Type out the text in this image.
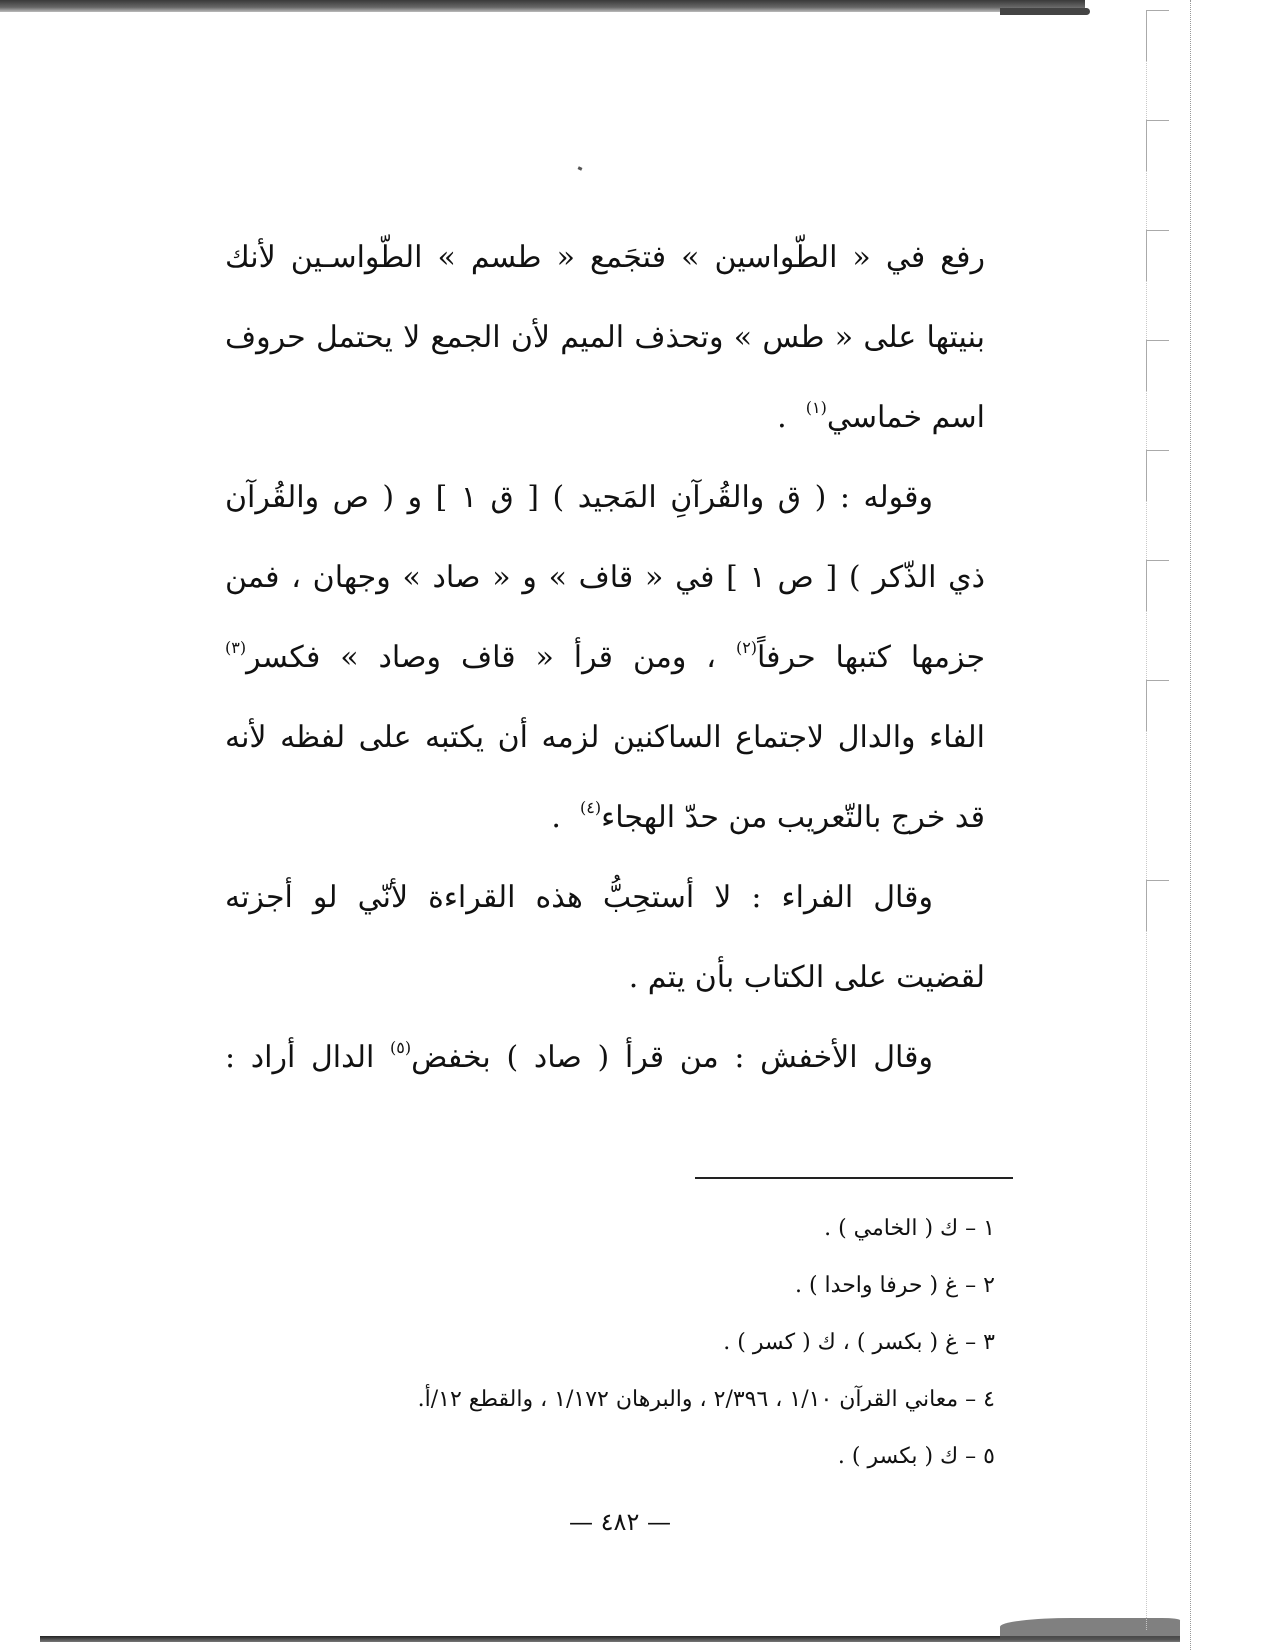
رفع في « الطّواسين » فتجَمع « طسم » الطّواسـين لأنك
بنيتها على « طس » وتحذف الميم لأن الجمع لا يحتمل حروف
اسم خماسي$^{(١)}$  .
وقوله : ( ق والقُرآنِ المَجيد ) [ ق ١ ] و ( ص والقُرآن
ذي الذّكر ) [ ص ١ ] في « قاف » و « صاد » وجهان ، فمن
جزمها كتبها حرفاً$^{(٢)}$ ، ومن قرأ « قاف وصاد » فكسر$^{(٣)}$
الفاء والدال لاجتماع الساكنين لزمه أن يكتبه على لفظه لأنه
قد خرج بالتّعريب من حدّ الهجاء$^{(٤)}$  .
وقال الفراء : لا أستحِبُّ هذه القراءة لأنّي لو أجزته
لقضيت على الكتاب بأن يتم .
وقال الأخفش : من قرأ ( صاد ) بخفض$^{(٥)}$ الدال أراد :
١ – ك ( الخامي ) .
٢ – غ ( حرفا واحدا ) .
٣ – غ ( بكسر ) ، ك ( كسر ) .
٤ – معاني القرآن ١/١٠ ، ٢/٣٩٦ ، والبرهان ١/١٧٢ ، والقطع ١٢/أ.
٥ – ك ( بكسر ) .
— ٤٨٢ —
